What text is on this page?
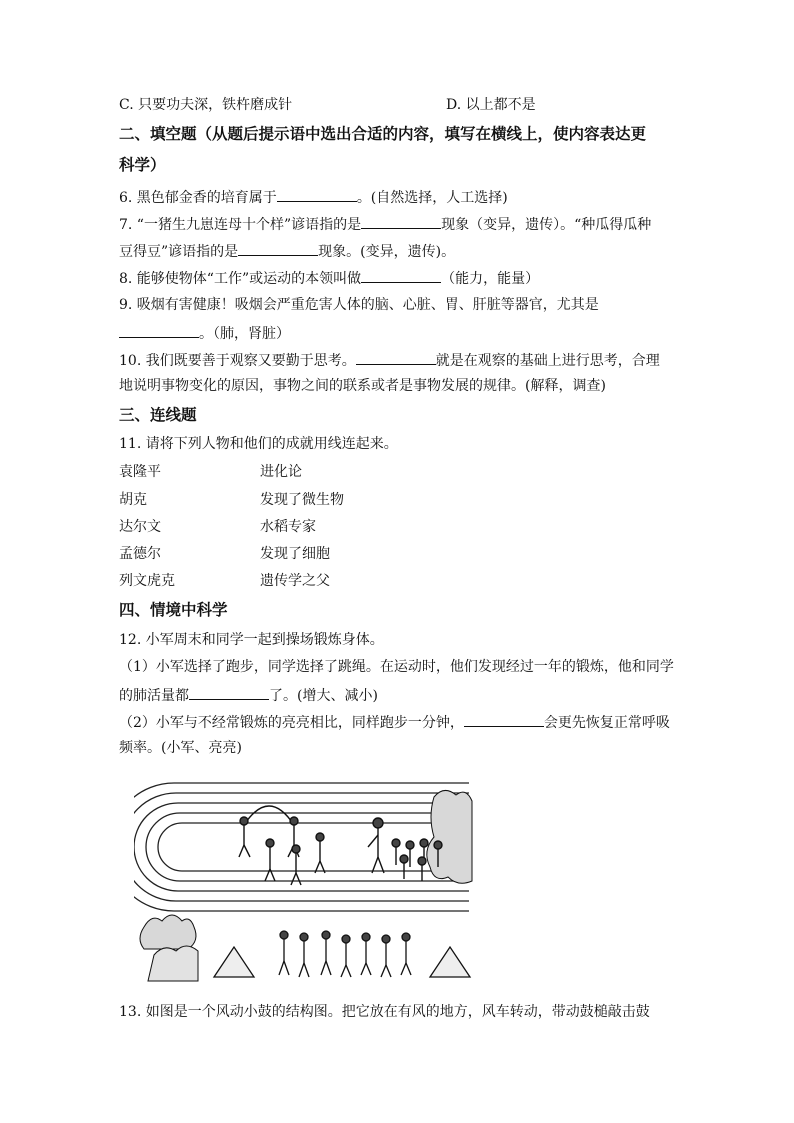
C. 只要功夫深，铁杵磨成针	D. 以上都不是
二、填空题（从题后提示语中选出合适的内容，填写在横线上，使内容表达更
科学）
6. 黑色郁金香的培育属于	。(自然选择，人工选择)
7. “一猪生九崽连母十个样”谚语指的是	现象（变异，遗传）。“种瓜得瓜种
豆得豆”谚语指的是	现象。(变异，遗传)。
8. 能够使物体“工作”或运动的本领叫做	（能力，能量）
9. 吸烟有害健康！吸烟会严重危害人体的脑、心脏、胃、肝脏等器官，尤其是
。（肺，肾脏）
10. 我们既要善于观察又要勤于思考。	就是在观察的基础上进行思考，合理
地说明事物变化的原因，事物之间的联系或者是事物发展的规律。(解释，调查)
三、连线题
11. 请将下列人物和他们的成就用线连起来。
袁隆平	进化论
胡克	发现了微生物
达尔文	水稻专家
孟德尔	发现了细胞
列文虎克	遗传学之父
四、情境中科学
12. 小军周末和同学一起到操场锻炼身体。
（1）小军选择了跑步，同学选择了跳绳。在运动时，他们发现经过一年的锻炼，他和同学
的肺活量都	了。(增大、减小)
（2）小军与不经常锻炼的亮亮相比，同样跑步一分钟，	会更先恢复正常呼吸
频率。(小军、亮亮)
13. 如图是一个风动小鼓的结构图。把它放在有风的地方，风车转动，带动鼓槌敲击鼓
